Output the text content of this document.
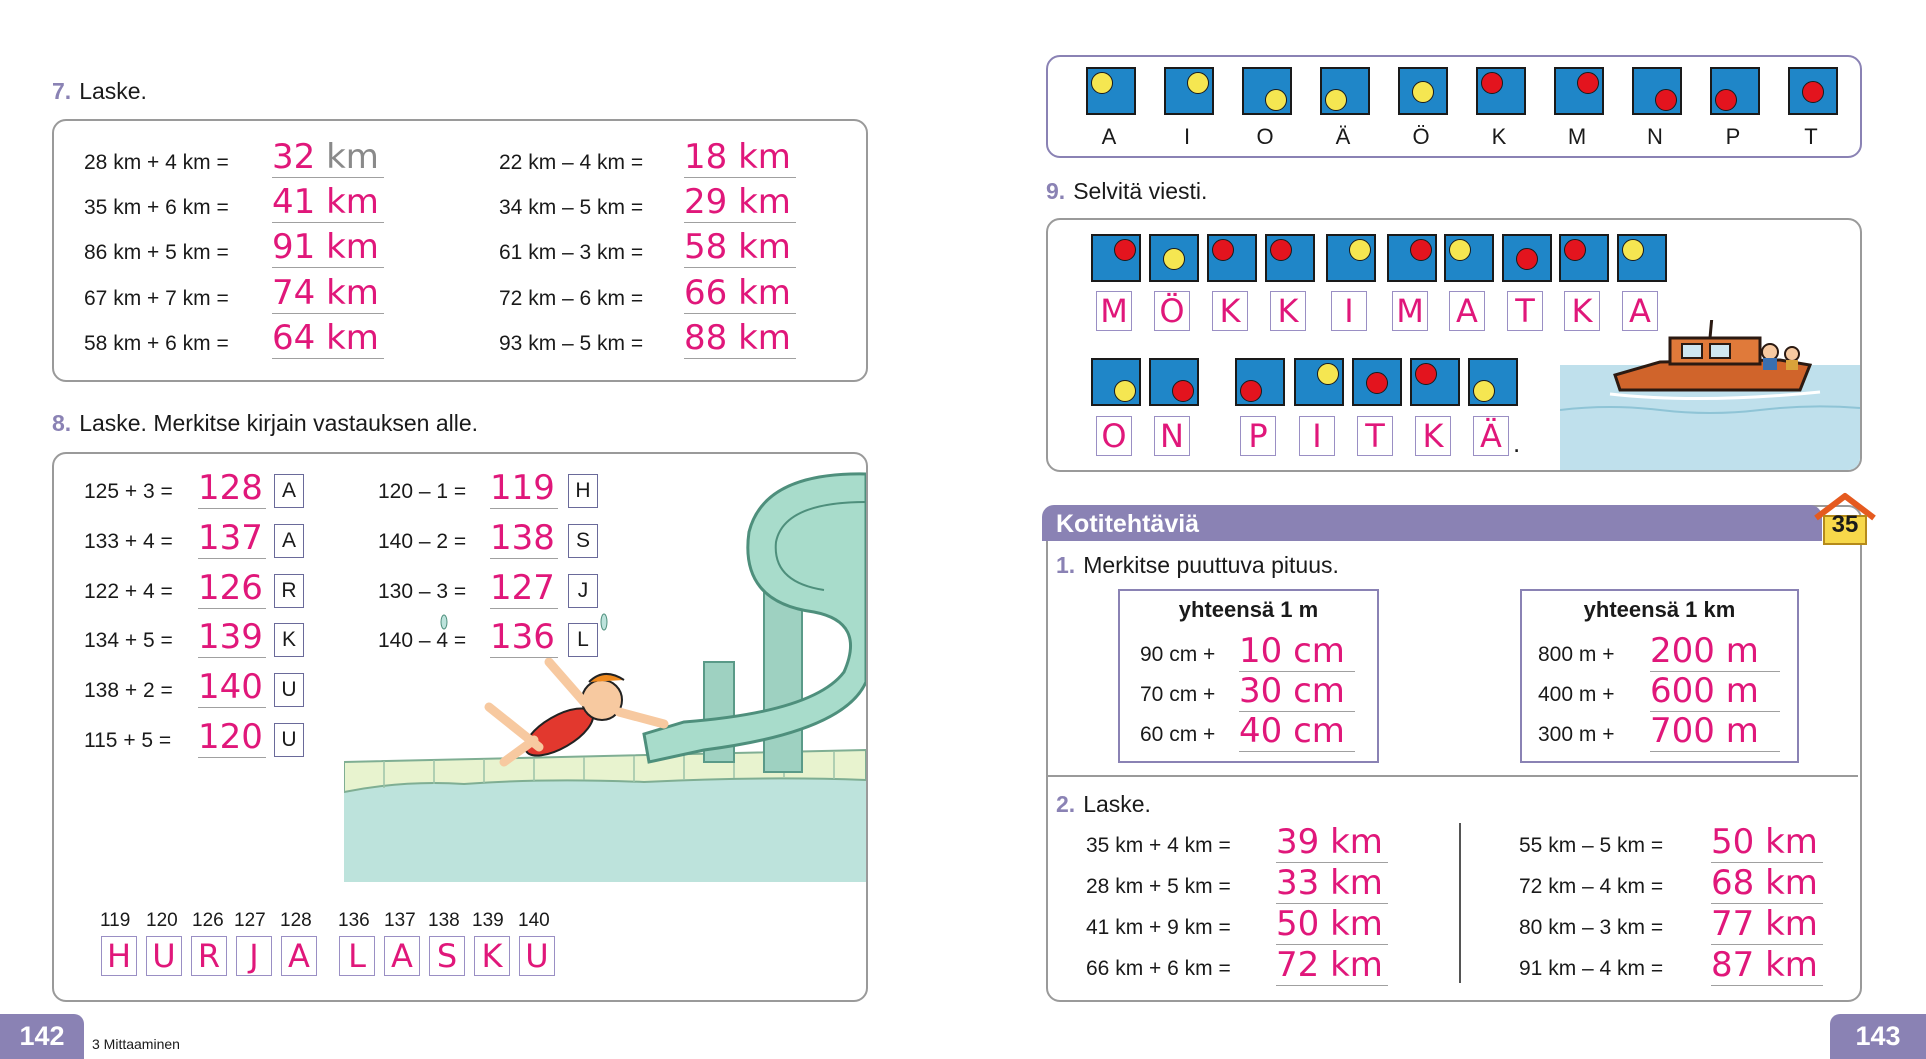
7. Laske.
28 km + 4 km = 32 km
35 km + 6 km = 41 km
86 km + 5 km = 91 km
67 km + 7 km = 74 km
58 km + 6 km = 64 km
22 km – 4 km = 18 km
34 km – 5 km = 29 km
61 km – 3 km = 58 km
72 km – 6 km = 66 km
93 km – 5 km = 88 km
8. Laske. Merkitse kirjain vastauksen alle.
125 + 3 = 128 A
133 + 4 = 137 A
122 + 4 = 126 R
134 + 5 = 139 K
138 + 2 = 140 U
115 + 5 = 120 U
120 – 1 = 119 H
140 – 2 = 138	S
130 – 3 = 127	J
140 – 4 = 136	L
119 120 126 127 128 136 137 138 139 140
H U R J A L A S K U
142	3 Mittaaminen
A	I	O	Ä	Ö	K	M	N	P	T
9. Selvitä viesti.
M Ö K K	I	M A T K A
O N P	I	T K Ä .
Kotitehtäviä	35
1. Merkitse puuttuva pituus.
yhteensä 1 m
90 cm + 10 cm
70 cm + 30 cm
60 cm + 40 cm
yhteensä 1 km
800 m + 200 m
400 m + 600 m
300 m + 700 m
2. Laske.
35 km + 4 km = 39 km
28 km + 5 km = 33 km
41 km + 9 km = 50 km
66 km + 6 km = 72 km
55 km – 5 km = 50 km
72 km – 4 km = 68 km
80 km – 3 km = 77 km
91 km – 4 km = 87 km
143
